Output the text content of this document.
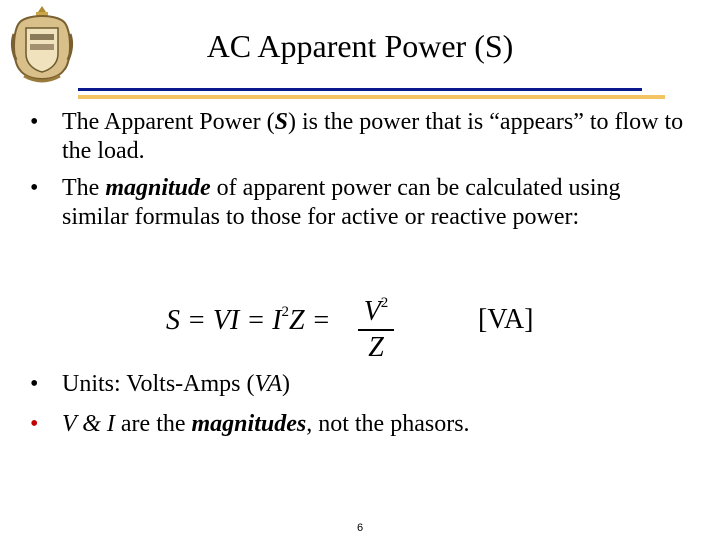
AC Apparent Power (S)
• The Apparent Power (S) is the power that is “appears” to flow to the load.
• The magnitude of apparent power can be calculated using similar formulas to those for active or reactive power:
S = VI = $I^2Z = V^2$
Z
[VA]
• Units: Volts-Amps (VA)
• V & I are the magnitudes, not the phasors.
6
